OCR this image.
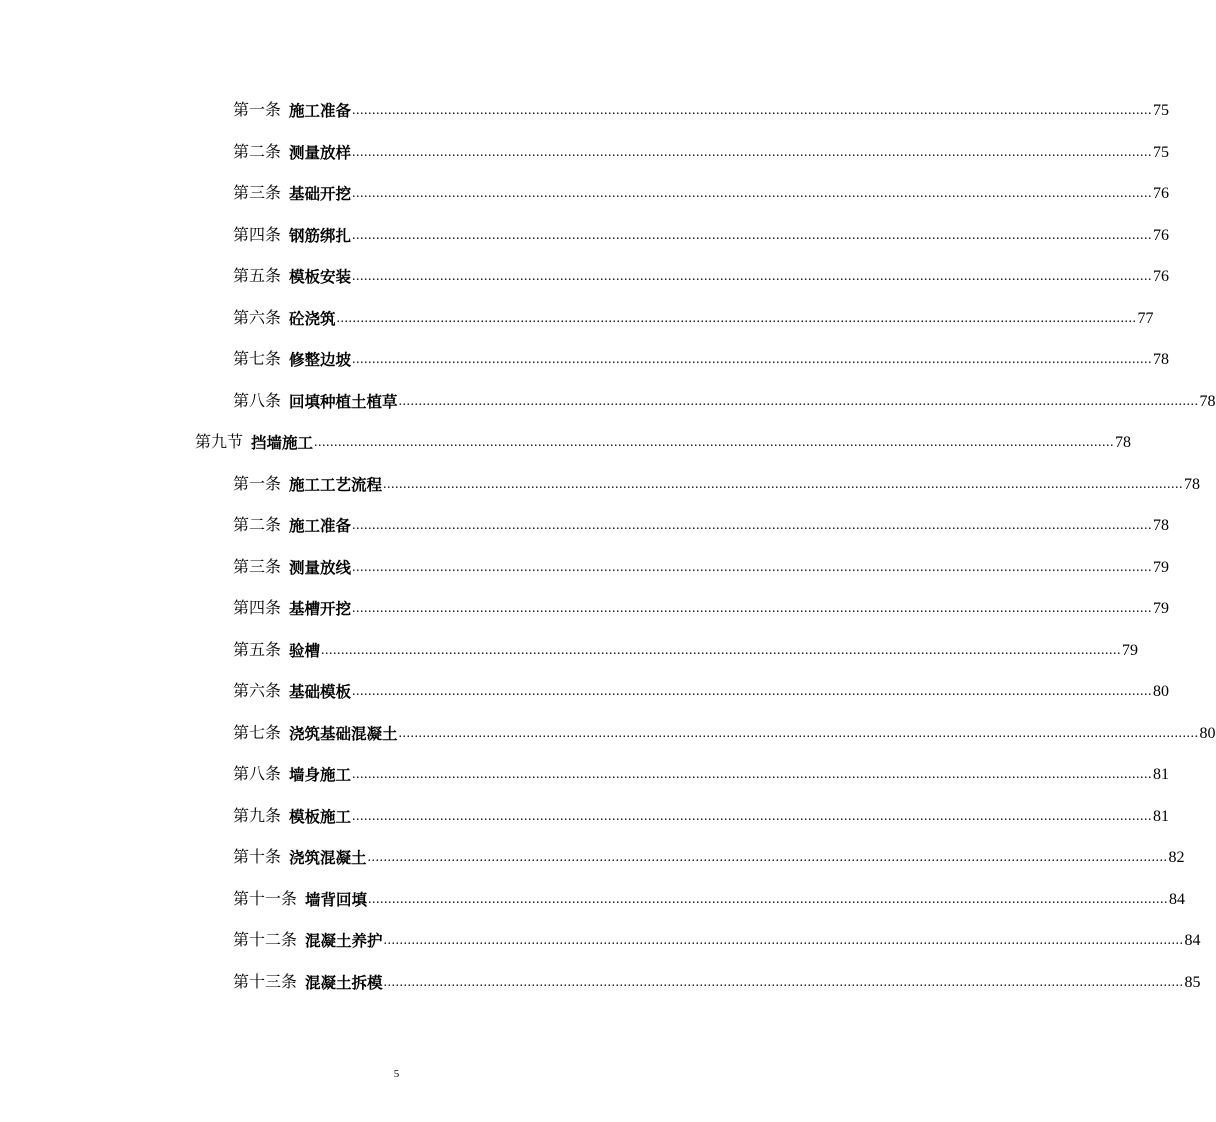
第一条 施工准备 ........................................................................................................................................................................................................ 75
第二条 测量放样 ........................................................................................................................................................................................................ 75
第三条 基础开挖 ........................................................................................................................................................................................................ 76
第四条 钢筋绑扎 ........................................................................................................................................................................................................ 76
第五条 模板安装 ........................................................................................................................................................................................................ 76
第六条 砼浇筑 ........................................................................................................................................................................................................ 77
第七条 修整边坡 ........................................................................................................................................................................................................ 78
第八条 回填种植土植草 ........................................................................................................................................................................................................ 78
第九节 挡墙施工 ........................................................................................................................................................................................................ 78
第一条 施工工艺流程 ........................................................................................................................................................................................................ 78
第二条 施工准备 ........................................................................................................................................................................................................ 78
第三条 测量放线 ........................................................................................................................................................................................................ 79
第四条 基槽开挖 ........................................................................................................................................................................................................ 79
第五条 验槽 ........................................................................................................................................................................................................ 79
第六条 基础模板 ........................................................................................................................................................................................................ 80
第七条 浇筑基础混凝土 ........................................................................................................................................................................................................ 80
第八条 墙身施工 ........................................................................................................................................................................................................ 81
第九条 模板施工 ........................................................................................................................................................................................................ 81
第十条 浇筑混凝土 ........................................................................................................................................................................................................ 82
第十一条 墙背回填 ........................................................................................................................................................................................................ 84
第十二条 混凝土养护 ........................................................................................................................................................................................................ 84
第十三条 混凝土拆模 ........................................................................................................................................................................................................ 85
5
